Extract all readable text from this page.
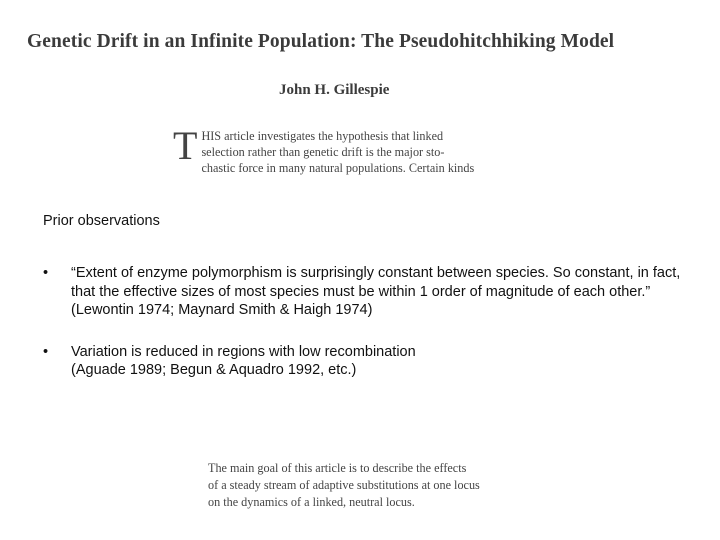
Genetic Drift in an Infinite Population: The Pseudohitchhiking Model
John H. Gillespie
T HIS article investigates the hypothesis that linked
selection rather than genetic drift is the major sto-
chastic force in many natural populations. Certain kinds
Prior observations
• “Extent of enzyme polymorphism is surprisingly constant between species. So constant, in fact, that the effective sizes of most species must be within 1 order of magnitude of each other.”
(Lewontin 1974; Maynard Smith & Haigh 1974)
• Variation is reduced in regions with low recombination
(Aguade 1989; Begun & Aquadro 1992, etc.)
The main goal of this article is to describe the effects
of a steady stream of adaptive substitutions at one locus
on the dynamics of a linked, neutral locus.
